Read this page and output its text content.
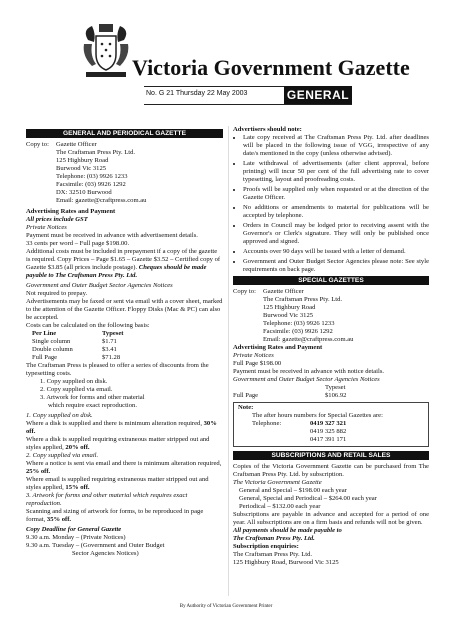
Victoria Government Gazette
No. G 21 Thursday 22 May 2003	GENERAL
GENERAL AND PERIODICAL GAZETTE
Copy to:	Gazette Officer
The Craftsman Press Pty. Ltd.
125 Highbury Road
Burwood Vic 3125
Telephone: (03) 9926 1233
Facsimile: (03) 9926 1292
DX: 32510 Burwood
Email: gazette@craftpress.com.au
Advertising Rates and Payment
All prices include GST
Private Notices
Payment must be received in advance with advertisement details.
33 cents per word – Full page $198.00.
Additional costs must be included in prepayment if a copy of the gazette is required. Copy Prices – Page $1.65 – Gazette $3.52 – Certified copy of Gazette $3.85 (all prices include postage). Cheques should be made payable to The Craftsman Press Pty. Ltd.
Government and Outer Budget Sector Agencies Notices
Not required to prepay.
Advertisements may be faxed or sent via email with a cover sheet, marked to the attention of the Gazette Officer. Floppy Disks (Mac & PC) can also be accepted.
Costs can be calculated on the following basis:
Per Line	Typeset
Single column	$1.71
Double column	$3.41
Full Page	$71.28
The Craftsman Press is pleased to offer a series of discounts from the typesetting costs.
1. Copy supplied on disk.
2. Copy supplied via email.
3. Artwork for forms and other material
which require exact reproduction.
1. Copy supplied on disk.
Where a disk is supplied and there is minimum alteration required, 30% off.
Where a disk is supplied requiring extraneous matter stripped out and styles applied, 20% off.
2. Copy supplied via email.
Where a notice is sent via email and there is minimum alteration required, 25% off.
Where email is supplied requiring extraneous matter stripped out and styles applied, 15% off.
3. Artwork for forms and other material which requires exact reproduction.
Scanning and sizing of artwork for forms, to be reproduced in page format, 35% off.
Copy Deadline for General Gazette
9.30 a.m. Monday – (Private Notices)
9.30 a.m. Tuesday – (Government and Outer Budget
Sector Agencies Notices)
Advertisers should note:
• Late copy received at The Craftsman Press Pty. Ltd. after deadlines will be placed in the following issue of VGG, irrespective of any date/s mentioned in the copy (unless otherwise advised).
• Late withdrawal of advertisements (after client approval, before printing) will incur 50 per cent of the full advertising rate to cover typesetting, layout and proofreading costs.
• Proofs will be supplied only when requested or at the direction of the Gazette Officer.
• No additions or amendments to material for publications will be accepted by telephone.
• Orders in Council may be lodged prior to receiving assent with the Governor's or Clerk's signature. They will only be published once approved and signed.
• Accounts over 90 days will be issued with a letter of demand.
• Government and Outer Budget Sector Agencies please note: See style requirements on back page.
SPECIAL GAZETTES
Copy to:	Gazette Officer
The Craftsman Press Pty. Ltd.
125 Highbury Road
Burwood Vic 3125
Telephone: (03) 9926 1233
Facsimile: (03) 9926 1292
Email: gazette@craftpress.com.au
Advertising Rates and Payment
Private Notices
Full Page $198.00
Payment must be received in advance with notice details.
Government and Outer Budget Sector Agencies Notices
Typeset
Full Page	$106.92
Note:
The after hours numbers for Special Gazettes are:
Telephone:	0419 327 321
0419 325 882
0417 391 171
SUBSCRIPTIONS AND RETAIL SALES
Copies of the Victoria Government Gazette can be purchased from The Craftsman Press Pty. Ltd. by subscription.
The Victoria Government Gazette
General and Special – $198.00 each year
General, Special and Periodical – $264.00 each year
Periodical – $132.00 each year
Subscriptions are payable in advance and accepted for a period of one year. All subscriptions are on a firm basis and refunds will not be given.
All payments should be made payable to
The Craftsman Press Pty. Ltd.
Subscription enquiries:
The Craftsman Press Pty. Ltd.
125 Highbury Road, Burwood Vic 3125
By Authority of Victorian Government Printer
